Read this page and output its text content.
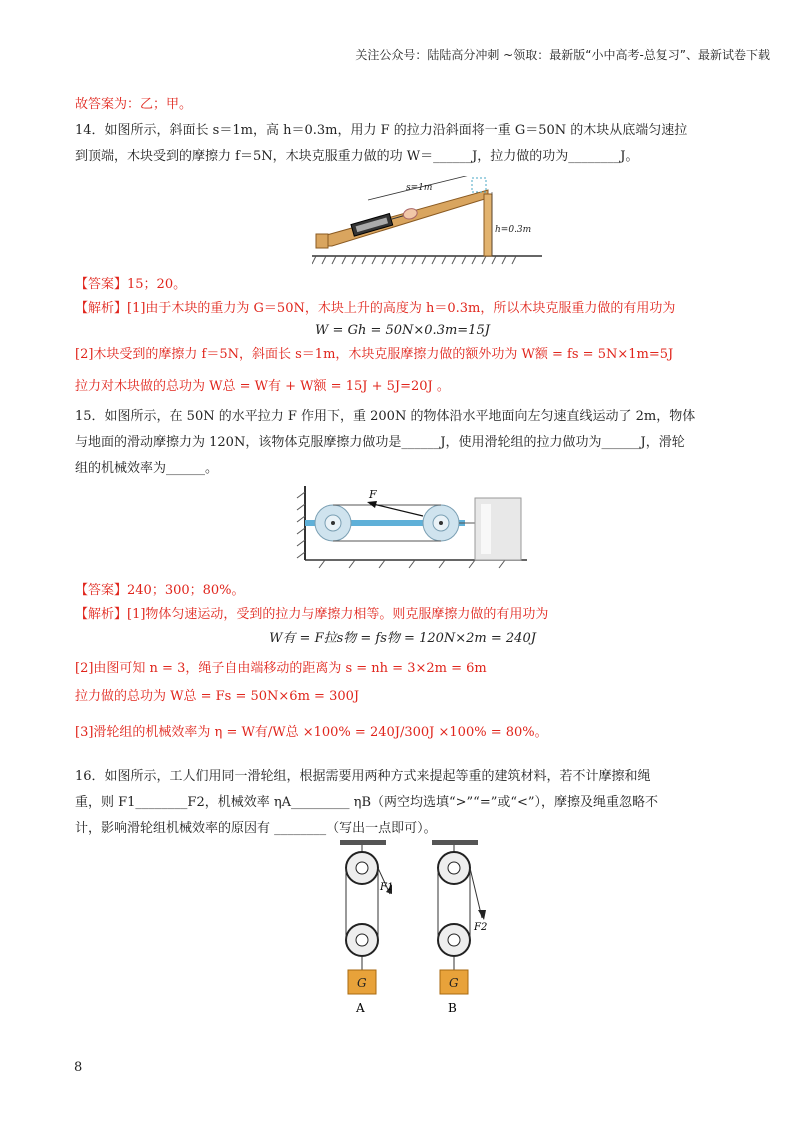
关注公众号：陆陆高分冲刺 ~领取：最新版“小中高考-总复习”、最新试卷下载
故答案为：乙；甲。
14．如图所示，斜面长 s＝1m，高 h＝0.3m，用力 F 的拉力沿斜面将一重 G＝50N 的木块从底端匀速拉
到顶端，木块受到的摩擦力 f＝5N，木块克服重力做的功 W＝______J，拉力做的功为________J。
s=1m
h=0.3m
【答案】15；20。
【解析】[1]由于木块的重力为 G＝50N，木块上升的高度为 h＝0.3m，所以木块克服重力做的有用功为
W = Gh = 50N×0.3m=15J
[2]木块受到的摩擦力 f＝5N，斜面长 s＝1m，木块克服摩擦力做的额外功为 W额 = fs = 5N×1m=5J
拉力对木块做的总功为 W总 = W有 + W额 = 15J + 5J=20J 。
15．如图所示，在 50N 的水平拉力 F 作用下，重 200N 的物体沿水平地面向左匀速直线运动了 2m，物体
与地面的滑动摩擦力为 120N，该物体克服摩擦力做功是______J，使用滑轮组的拉力做功为______J，滑轮
组的机械效率为______。
F
【答案】240；300；80%。
【解析】[1]物体匀速运动，受到的拉力与摩擦力相等。则克服摩擦力做的有用功为
W有 = F拉s物 = fs物 = 120N×2m = 240J
[2]由图可知 n = 3，绳子自由端移动的距离为 s = nh = 3×2m = 6m
拉力做的总功为 W总 = Fs = 50N×6m = 300J
[3]滑轮组的机械效率为 η = W有/W总 ×100% = 240J/300J ×100% = 80%。
16．如图所示，工人们用同一滑轮组，根据需要用两种方式来提起等重的建筑材料，若不计摩擦和绳
重，则 F1________F2，机械效率 ηA_________ ηB（两空均选填“>”“=”或“<”），摩擦及绳重忽略不
计，影响滑轮组机械效率的原因有 ________（写出一点即可）。
F1
G
A
F2
G
B
8
